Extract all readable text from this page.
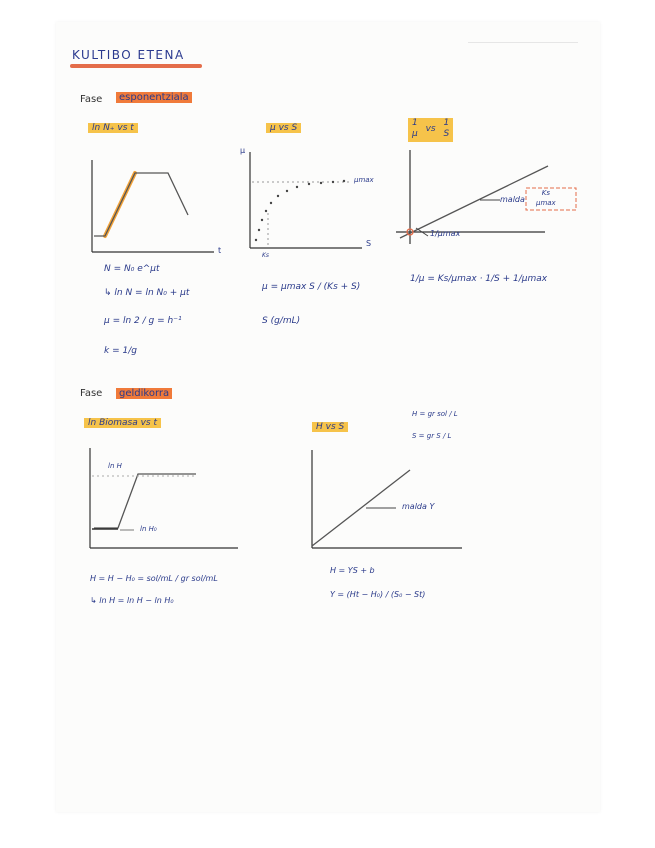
KULTIBO ETENA
Fase	esponentziala
ln N₊ vs t	μ vs S	1
μ vs 1
S
t
μ
S
μmax
Ks
malda
Ks
μmax
1/μmax
N = N₀ e^μt
↳ ln N = ln N₀ + μt
μ = ln 2 / g = h⁻¹
k = 1/g
μ = μmax S / (Ks + S)
S (g/mL)
1/μ = Ks/μmax · 1/S + 1/μmax
Fase	geldikorra
ln Biomasa vs t	H vs S
ln H
ln H₀
malda Y
H = gr sol / L
S = gr S / L
H = H − H₀ = sol/mL / gr sol/mL
↳ ln H = ln H − ln H₀
H = YS + b
Y = (Ht − H₀) / (S₀ − St)
